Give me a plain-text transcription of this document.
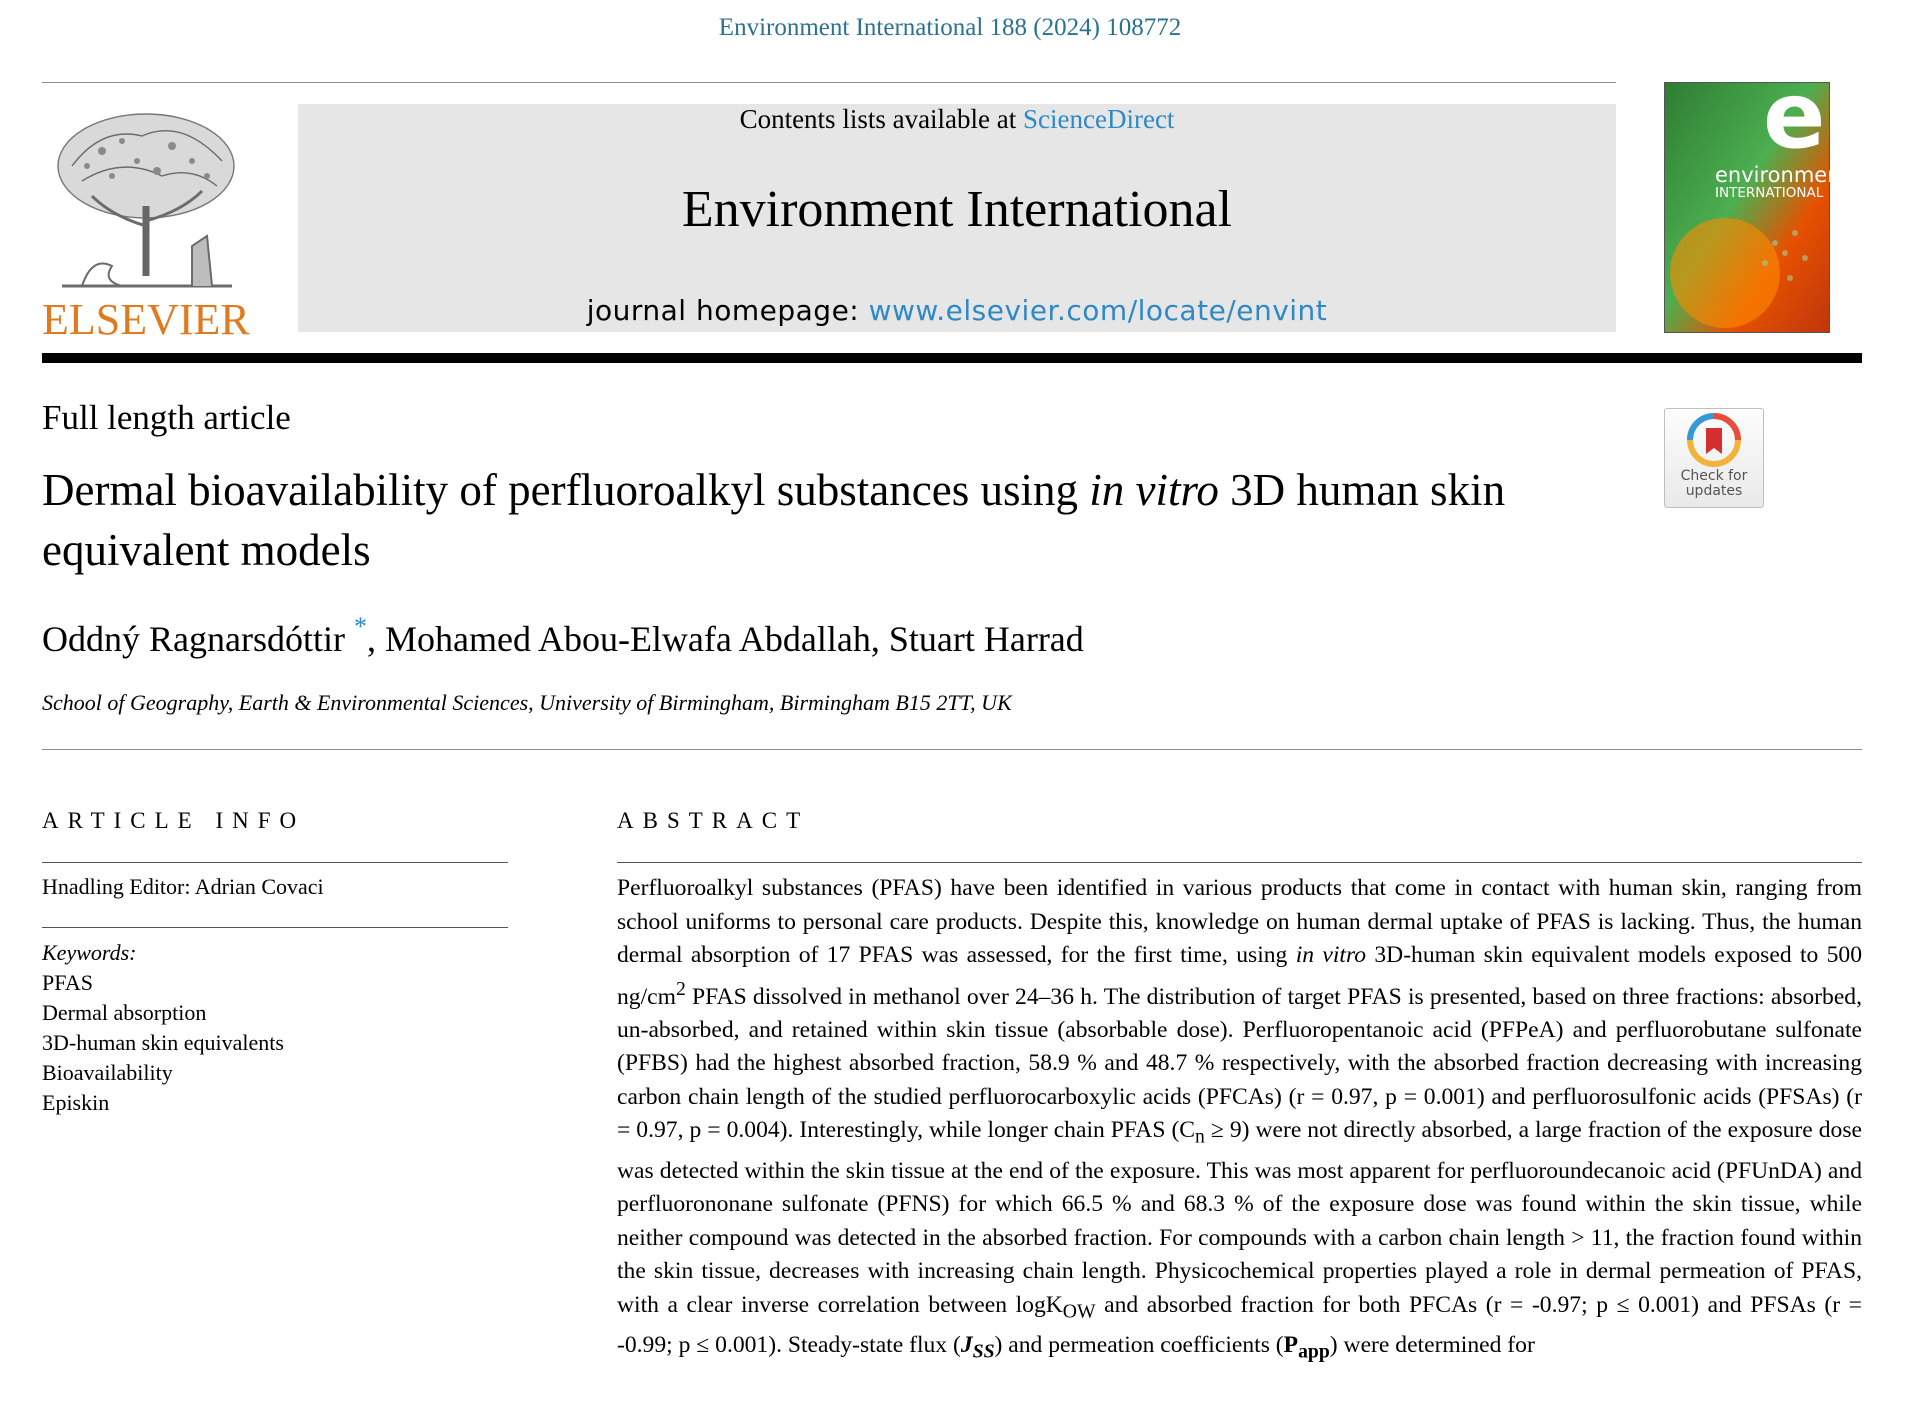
Environment International 188 (2024) 108772
ELSEVIER
Contents lists available at ScienceDirect
Environment International
journal homepage: www.elsevier.com/locate/envint
ei
environment
INTERNATIONAL
Full length article
Check for
updates
Dermal bioavailability of perfluoroalkyl substances using in vitro 3D human skin equivalent models
Oddný Ragnarsdóttir *, Mohamed Abou-Elwafa Abdallah, Stuart Harrad
School of Geography, Earth & Environmental Sciences, University of Birmingham, Birmingham B15 2TT, UK
ARTICLE INFO	ABSTRACT
Hnadling Editor: Adrian Covaci
Keywords:
PFAS
Dermal absorption
3D-human skin equivalents
Bioavailability
Episkin
Perfluoroalkyl substances (PFAS) have been identified in various products that come in contact with human skin, ranging from school uniforms to personal care products. Despite this, knowledge on human dermal uptake of PFAS is lacking. Thus, the human dermal absorption of 17 PFAS was assessed, for the first time, using in vitro 3D-human skin equivalent models exposed to 500 $ng/cm^2$ PFAS dissolved in methanol over 24–36 h. The distribution of target PFAS is presented, based on three fractions: absorbed, un-absorbed, and retained within skin tissue (absorbable dose). Perfluoropentanoic acid (PFPeA) and perfluorobutane sulfonate (PFBS) had the highest absorbed fraction, 58.9 % and 48.7 % respectively, with the absorbed fraction decreasing with increasing carbon chain length of the studied perfluorocarboxylic acids (PFCAs) (r = 0.97, p = 0.001) and perfluorosulfonic acids (PFSAs) (r = 0.97, p = 0.004). Interestingly, while longer chain PFAS $(C_n \ge 9)$ were not directly absorbed, a large fraction of the exposure dose was detected within the skin tissue at the end of the exposure. This was most apparent for perfluoroundecanoic acid (PFUnDA) and perfluorononane sulfonate (PFNS) for which 66.5 % and 68.3 % of the exposure dose was found within the skin tissue, while neither compound was detected in the absorbed fraction. For compounds with a carbon chain length > 11, the fraction found within the skin tissue, decreases with increasing chain length. Physicochemical properties played a role in dermal permeation of PFAS, with a clear inverse correlation between logK$_{OW}$ and absorbed fraction for both PFCAs (r = -0.97; p ≤ 0.001) and PFSAs (r = -0.99; p ≤ 0.001). Steady-state flux $(J_{SS})$ and permeation coefficients $(P_{app})$ were determined for
